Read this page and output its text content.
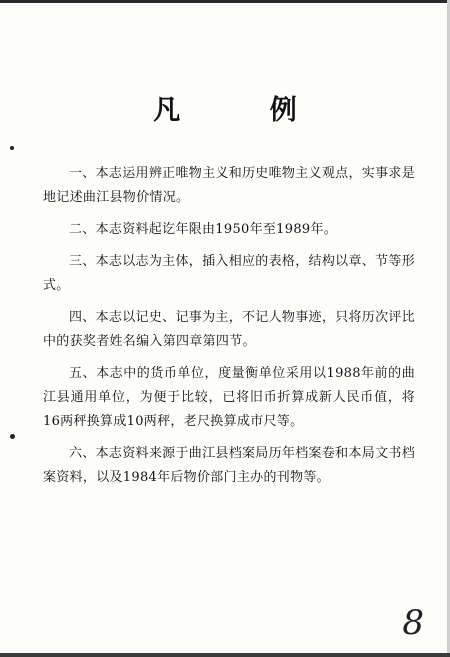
凡 例

一、本志运用辨正唯物主义和历史唯物主义观点，实事求是地记述曲江县物价情况。

二、本志资料起讫年限由1950年至1989年。

三、本志以志为主体，插入相应的表格，结构以章、节等形式。

四、本志以记史、记事为主，不记人物事迹，只将历次评比中的获奖者姓名编入第四章第四节。

五、本志中的货币单位，度量衡单位采用以1988年前的曲江县通用单位，为便于比较，已将旧币折算成新人民币值，将16两秤换算成10两秤，老尺换算成市尺等。

六、本志资料来源于曲江县档案局历年档案卷和本局文书档案资料，以及1984年后物价部门主办的刊物等。

8
